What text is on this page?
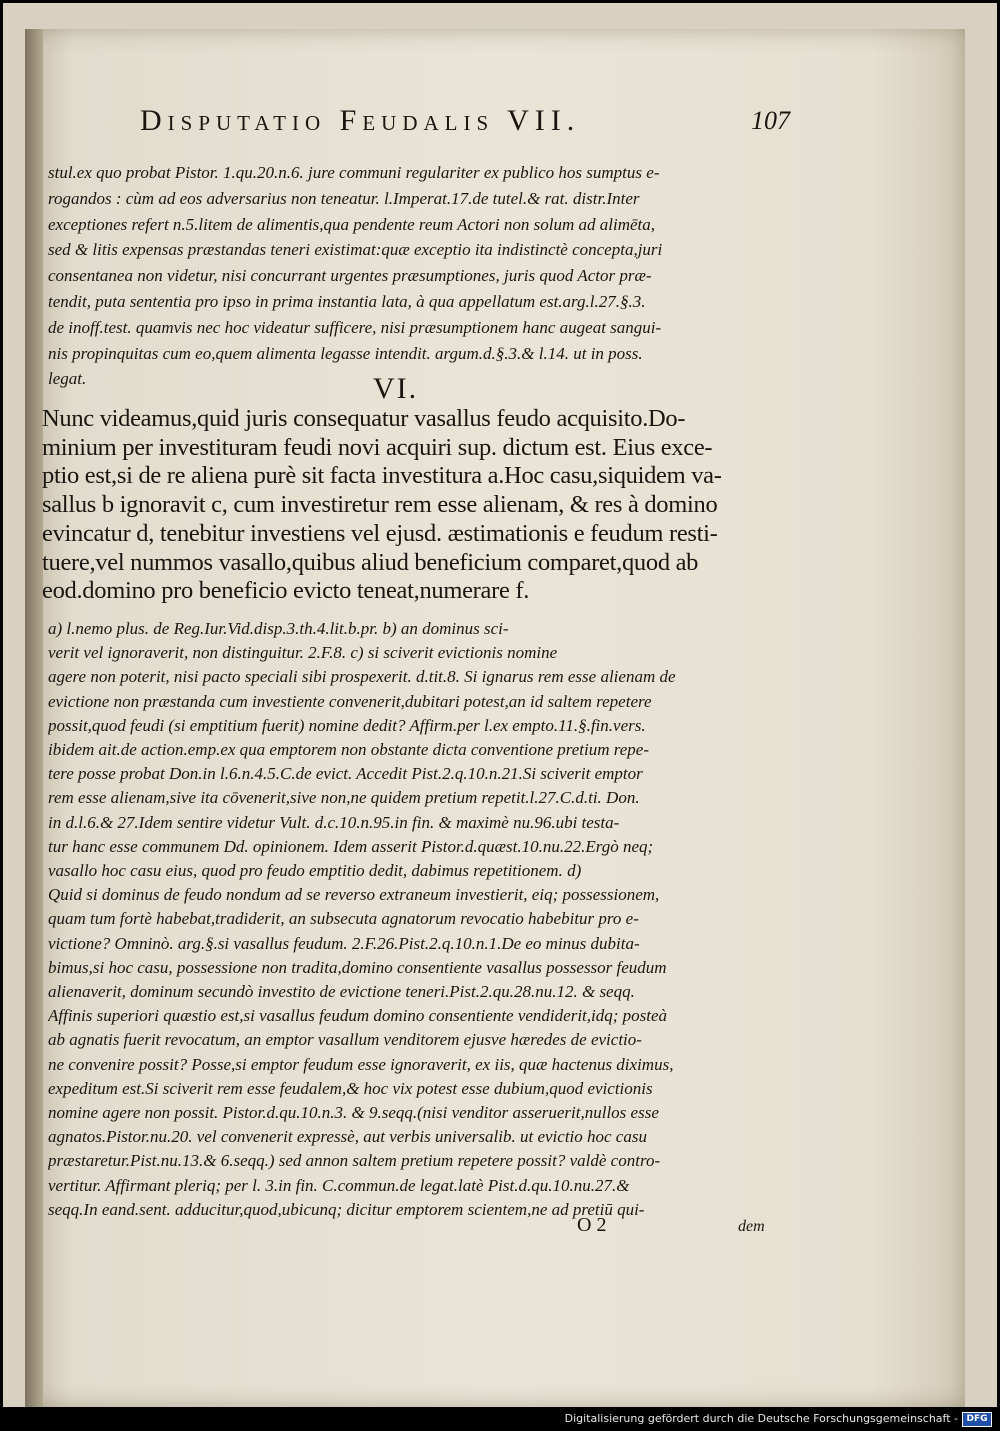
Disputatio Feudalis VII.	107
stul.ex quo probat Pistor. 1.qu.20.n.6. jure communi regulariter ex publico hos sumptus e-
rogandos : cùm ad eos adversarius non teneatur. l.Imperat.17.de tutel.& rat. distr.Inter
exceptiones refert n.5.litem de alimentis,qua pendente reum Actori non solum ad alimēta,
sed & litis expensas præstandas teneri existimat:quæ exceptio ita indistinctè concepta,juri
consentanea non videtur, nisi concurrant urgentes præsumptiones, juris quod Actor præ-
tendit, puta sententia pro ipso in prima instantia lata, à qua appellatum est.arg.l.27.§.3.
de inoff.test. quamvis nec hoc videatur sufficere, nisi præsumptionem hanc augeat sangui-
nis propinquitas cum eo,quem alimenta legasse intendit. argum.d.§.3.& l.14. ut in poss.
legat.	VI.
Nunc videamus,quid juris consequatur vasallus feudo acquisito.Do-
minium per investituram feudi novi acquiri sup. dictum est. Eius exce-
ptio est,si de re aliena purè sit facta investitura a.Hoc casu,siquidem va-
sallus b ignoravit c, cum investiretur rem esse alienam, & res à domino
evincatur d, tenebitur investiens vel ejusd. æstimationis e feudum resti-
tuere,vel nummos vasallo,quibus aliud beneficium comparet,quod ab
eod.domino pro beneficio evicto teneat,numerare f.
a) l.nemo plus. de Reg.Iur.Vid.disp.3.th.4.lit.b.pr. b) an dominus sci-
verit vel ignoraverit, non distinguitur. 2.F.8. c) si sciverit evictionis nomine
agere non poterit, nisi pacto speciali sibi prospexerit. d.tit.8. Si ignarus rem esse alienam de
evictione non præstanda cum investiente convenerit,dubitari potest,an id saltem repetere
possit,quod feudi (si emptitium fuerit) nomine dedit? Affirm.per l.ex empto.11.§.fin.vers.
ibidem ait.de action.emp.ex qua emptorem non obstante dicta conventione pretium repe-
tere posse probat Don.in l.6.n.4.5.C.de evict. Accedit Pist.2.q.10.n.21.Si sciverit emptor
rem esse alienam,sive ita cōvenerit,sive non,ne quidem pretium repetit.l.27.C.d.ti. Don.
in d.l.6.& 27.Idem sentire videtur Vult. d.c.10.n.95.in fin. & maximè nu.96.ubi testa-
tur hanc esse communem Dd. opinionem. Idem asserit Pistor.d.quæst.10.nu.22.Ergò neq;
vasallo hoc casu eius, quod pro feudo emptitio dedit, dabimus repetitionem. d)
Quid si dominus de feudo nondum ad se reverso extraneum investierit, eiq; possessionem,
quam tum fortè habebat,tradiderit, an subsecuta agnatorum revocatio habebitur pro e-
victione? Omninò. arg.§.si vasallus feudum. 2.F.26.Pist.2.q.10.n.1.De eo minus dubita-
bimus,si hoc casu, possessione non tradita,domino consentiente vasallus possessor feudum
alienaverit, dominum secundò investito de evictione teneri.Pist.2.qu.28.nu.12. & seqq.
Affinis superiori quæstio est,si vasallus feudum domino consentiente vendiderit,idq; posteà
ab agnatis fuerit revocatum, an emptor vasallum venditorem ejusve hæredes de evictio-
ne convenire possit? Posse,si emptor feudum esse ignoraverit, ex iis, quæ hactenus diximus,
expeditum est.Si sciverit rem esse feudalem,& hoc vix potest esse dubium,quod evictionis
nomine agere non possit. Pistor.d.qu.10.n.3. & 9.seqq.(nisi venditor asseruerit,nullos esse
agnatos.Pistor.nu.20. vel convenerit expressè, aut verbis universalib. ut evictio hoc casu
præstaretur.Pist.nu.13.& 6.seqq.) sed annon saltem pretium repetere possit? valdè contro-
vertitur. Affirmant pleriq; per l. 3.in fin. C.commun.de legat.latè Pist.d.qu.10.nu.27.&
seqq.In eand.sent. adducitur,quod,ubicunq; dicitur emptorem scientem,ne ad pretiū qui-
O 2	dem
Digitalisierung gefördert durch die Deutsche Forschungsgemeinschaft - DFG
